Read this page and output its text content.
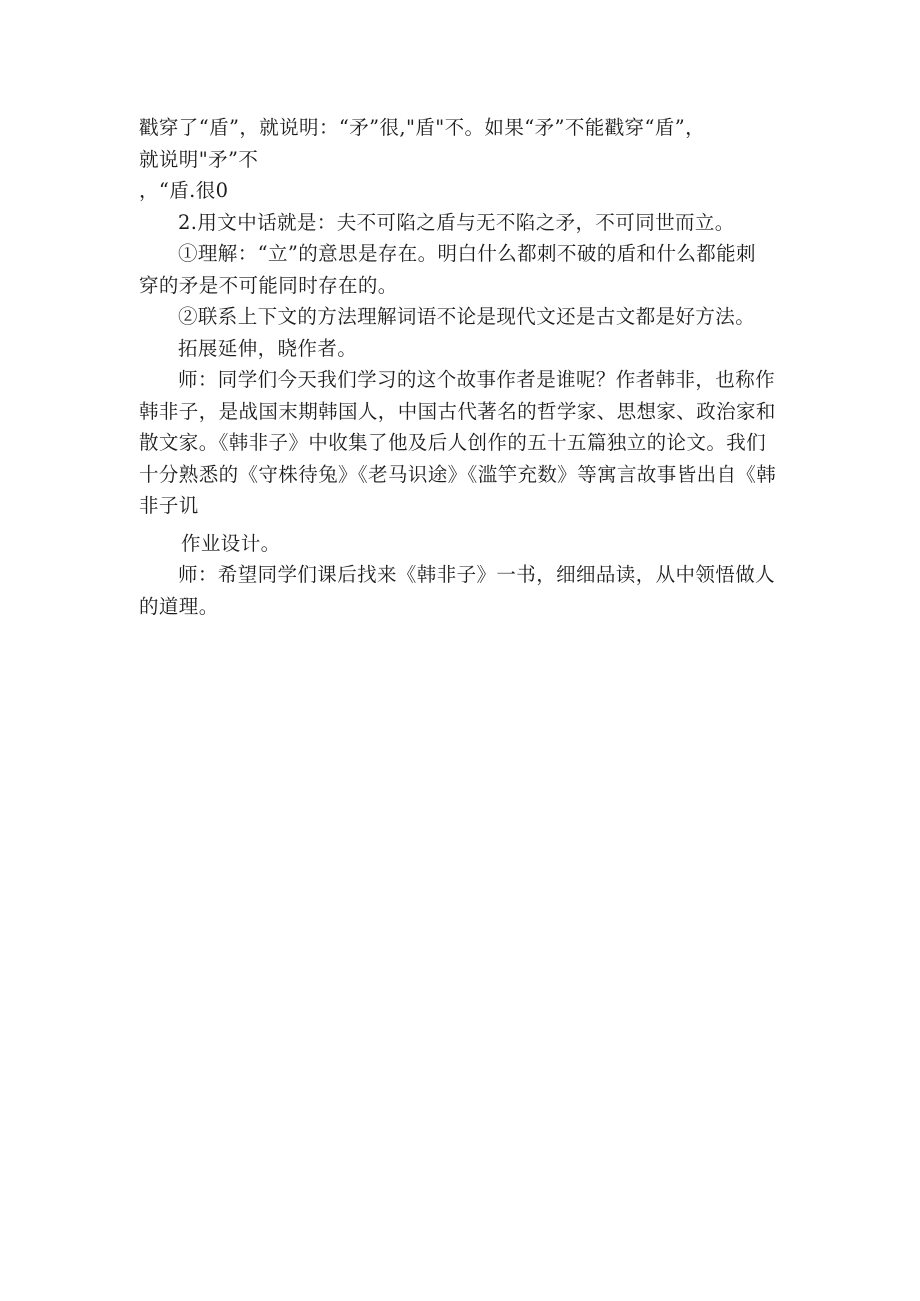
戳穿了“盾”，就说明：“矛”很,"盾"不。如果“矛”不能戳穿“盾”，
就说明"矛”不
，“盾.很0
2.用文中话就是：夫不可陷之盾与无不陷之矛，不可同世而立。
①理解：“立”的意思是存在。明白什么都刺不破的盾和什么都能刺
穿的矛是不可能同时存在的。
②联系上下文的方法理解词语不论是现代文还是古文都是好方法。
拓展延伸，晓作者。
师：同学们今天我们学习的这个故事作者是谁呢？作者韩非，也称作
韩非子，是战国末期韩国人，中国古代著名的哲学家、思想家、政治家和
散文家。《韩非子》中收集了他及后人创作的五十五篇独立的论文。我们
十分熟悉的《守株待兔》《老马识途》《滥竽充数》等寓言故事皆出自《韩
非子讥
作业设计。
师：希望同学们课后找来《韩非子》一书，细细品读，从中领悟做人
的道理。
